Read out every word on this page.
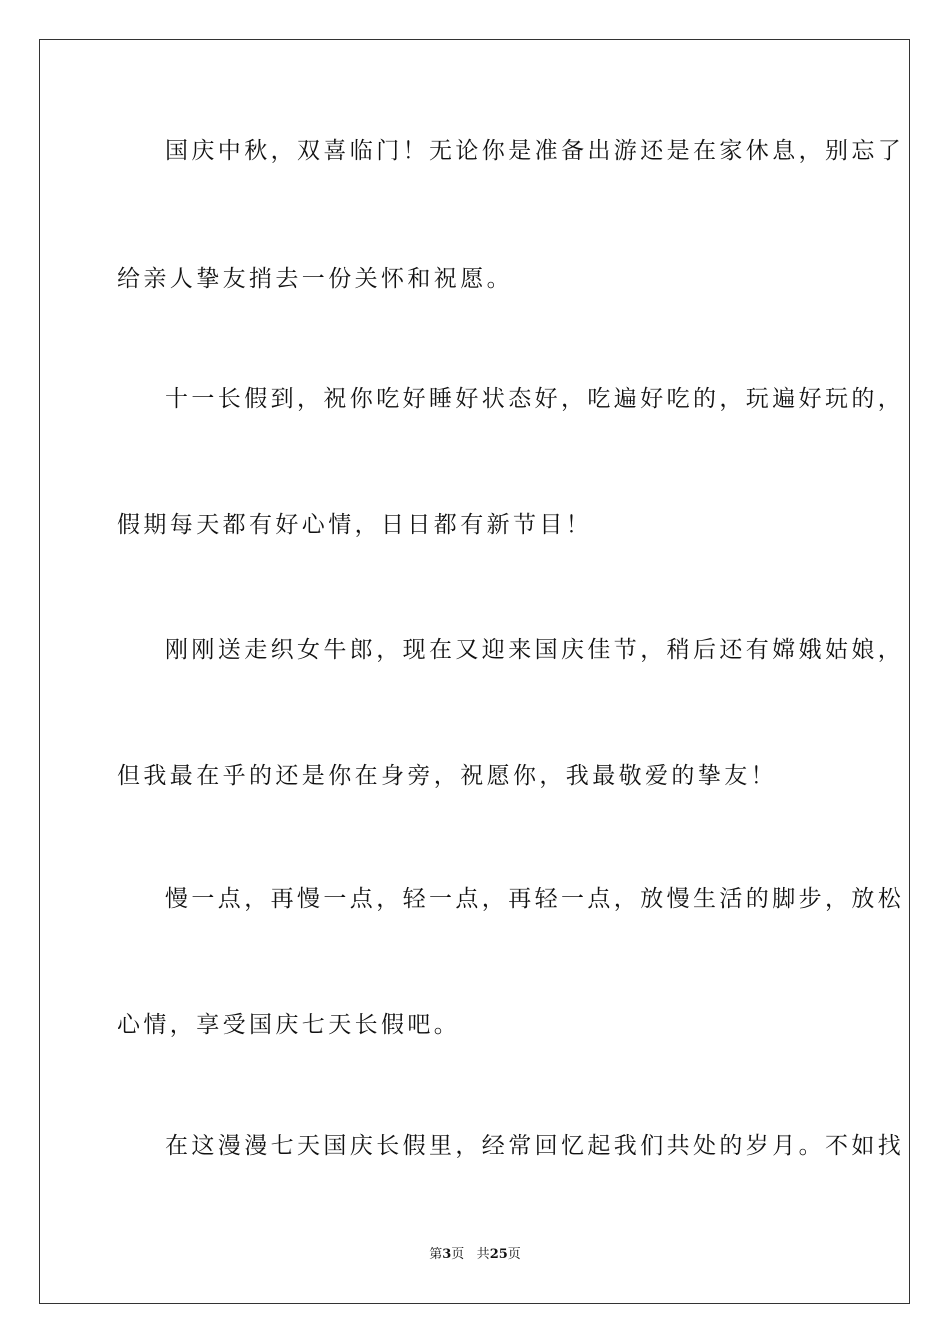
国庆中秋，双喜临门！无论你是准备出游还是在家休息，别忘了
给亲人挚友捎去一份关怀和祝愿。
十一长假到，祝你吃好睡好状态好，吃遍好吃的，玩遍好玩的，
假期每天都有好心情，日日都有新节目！
刚刚送走织女牛郎，现在又迎来国庆佳节，稍后还有嫦娥姑娘，
但我最在乎的还是你在身旁，祝愿你，我最敬爱的挚友！
慢一点，再慢一点，轻一点，再轻一点，放慢生活的脚步，放松
心情，享受国庆七天长假吧。
在这漫漫七天国庆长假里，经常回忆起我们共处的岁月。不如找
第3页 共25页
